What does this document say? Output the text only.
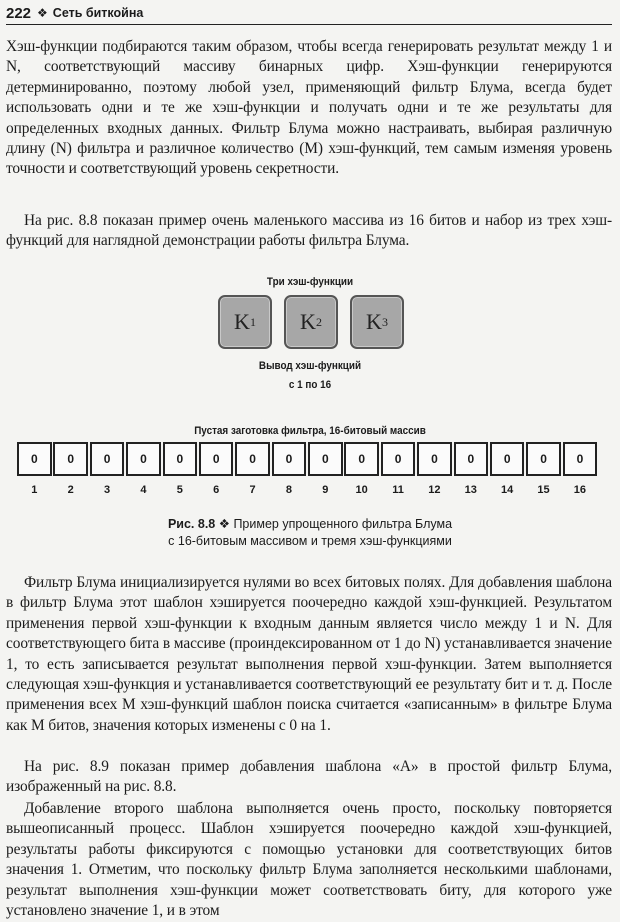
222 ❖ Сеть биткойна

Хэш-функции подбираются таким образом, чтобы всегда генерировать результат между 1 и N, соответствующий массиву бинарных цифр. Хэш-функции генерируются детерминированно, поэтому любой узел, применяющий фильтр Блума, всегда будет использовать одни и те же хэш-функции и получать одни и те же результаты для определенных входных данных. Фильтр Блума можно настраивать, выбирая различную длину (N) фильтра и различное количество (M) хэш-функций, тем самым изменяя уровень точности и соответствующий уровень секретности.

На рис. 8.8 показан пример очень маленького массива из 16 битов и набор из трех хэш-функций для наглядной демонстрации работы фильтра Блума.

Три хэш-функции
K 1 K 2 K 3
Вывод хэш-функций
с 1 по 16
Пустая заготовка фильтра, 16-битовый массив
0	0	0	0	0	0	0	0	0	0	0	0	0	0	0	0
1	2	3	4	5	6	7	8	9	10	11	12	13	14	15	16
Рис. 8.8 ❖ Пример упрощенного фильтра Блума
с 16-битовым массивом и тремя хэш-функциями

Фильтр Блума инициализируется нулями во всех битовых полях. Для добавления шаблона в фильтр Блума этот шаблон хэшируется поочередно каждой хэш-функцией. Результатом применения первой хэш-функции к входным данным является число между 1 и N. Для соответствующего бита в массиве (проиндексированном от 1 до N) устанавливается значение 1, то есть записывается результат выполнения первой хэш-функции. Затем выполняется следующая хэш-функция и устанавливается соответствующий ее результату бит и т. д. После применения всех M хэш-функций шаблон поиска считается «записанным» в фильтре Блума как M битов, значения которых изменены с 0 на 1.

На рис. 8.9 показан пример добавления шаблона «A» в простой фильтр Блума, изображенный на рис. 8.8.

Добавление второго шаблона выполняется очень просто, поскольку повторяется вышеописанный процесс. Шаблон хэшируется поочередно каждой хэш-функцией, результаты работы фиксируются с помощью установки для соответствующих битов значения 1. Отметим, что поскольку фильтр Блума заполняется несколькими шаблонами, результат выполнения хэш-функции может соответствовать биту, для которого уже установлено значение 1, и в этом
